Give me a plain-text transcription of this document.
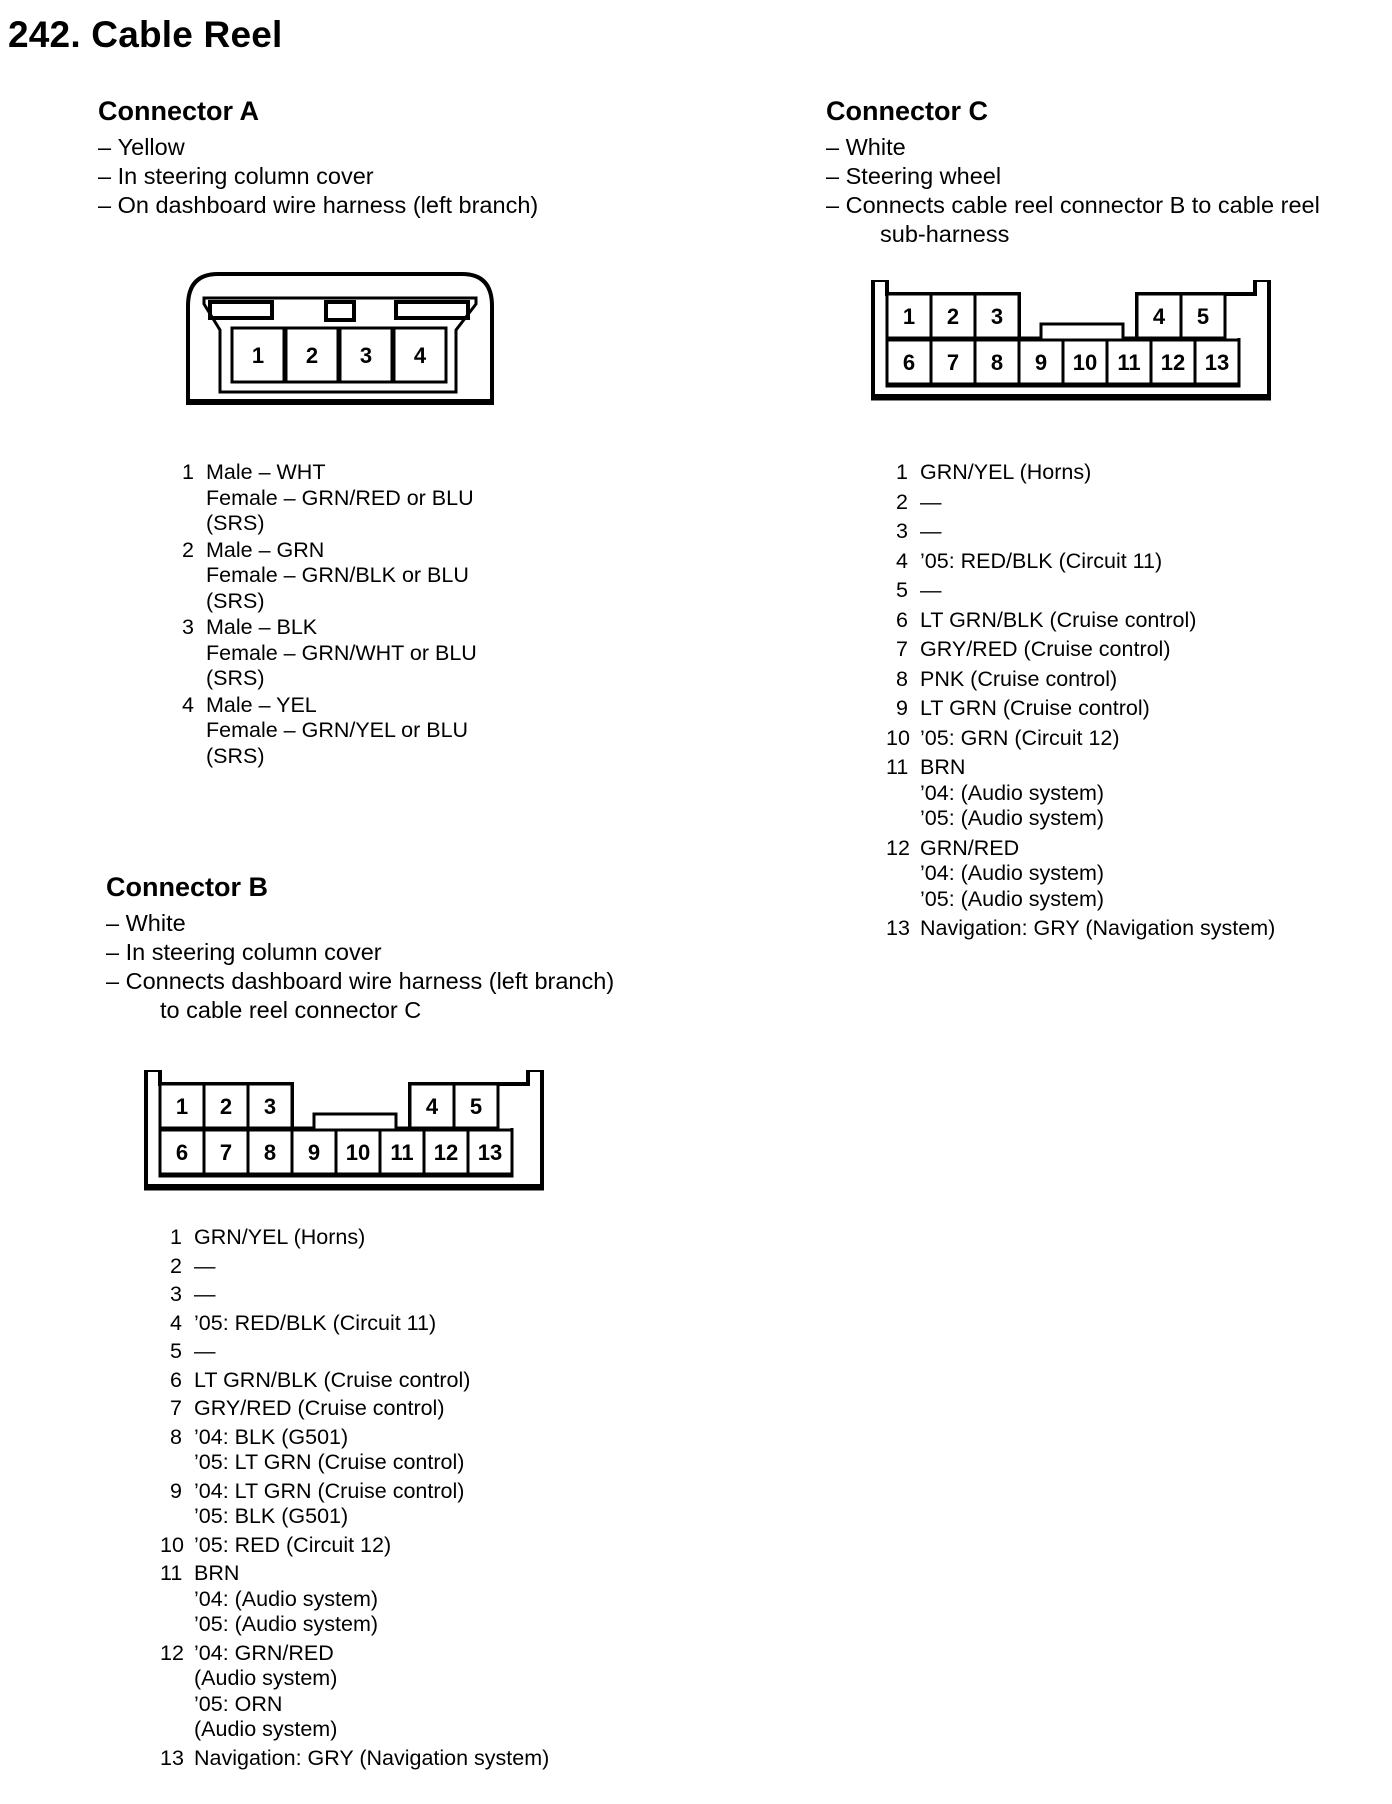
242. Cable Reel
Connector A
– Yellow
– In steering column cover
– On dashboard wire harness (left branch)
1 2 3 4
1 Male – WHT
Female – GRN/RED or BLU
(SRS)
2 Male – GRN
Female – GRN/BLK or BLU
(SRS)
3 Male – BLK
Female – GRN/WHT or BLU
(SRS)
4 Male – YEL
Female – GRN/YEL or BLU
(SRS)
Connector B
– White
– In steering column cover
– Connects dashboard wire harness (left branch)
to cable reel connector C
1 2 3	4 5
6 7 8 9 10 11 12 13
1 GRN/YEL (Horns)
2 —
3 —
4 ’05: RED/BLK (Circuit 11)
5 —
6 LT GRN/BLK (Cruise control)
7 GRY/RED (Cruise control)
8 ’04: BLK (G501)
’05: LT GRN (Cruise control)
9 ’04: LT GRN (Cruise control)
’05: BLK (G501)
10 ’05: RED (Circuit 12)
11 BRN
’04: (Audio system)
’05: (Audio system)
12 ’04: GRN/RED
(Audio system)
’05: ORN
(Audio system)
13 Navigation: GRY (Navigation system)
Connector C
– White
– Steering wheel
– Connects cable reel connector B to cable reel
sub-harness
1 2 3	4 5
6 7 8 9 10 11 12 13
1 GRN/YEL (Horns)
2 —
3 —
4 ’05: RED/BLK (Circuit 11)
5 —
6 LT GRN/BLK (Cruise control)
7 GRY/RED (Cruise control)
8 PNK (Cruise control)
9 LT GRN (Cruise control)
10 ’05: GRN (Circuit 12)
11 BRN
’04: (Audio system)
’05: (Audio system)
12 GRN/RED
’04: (Audio system)
’05: (Audio system)
13 Navigation: GRY (Navigation system)
